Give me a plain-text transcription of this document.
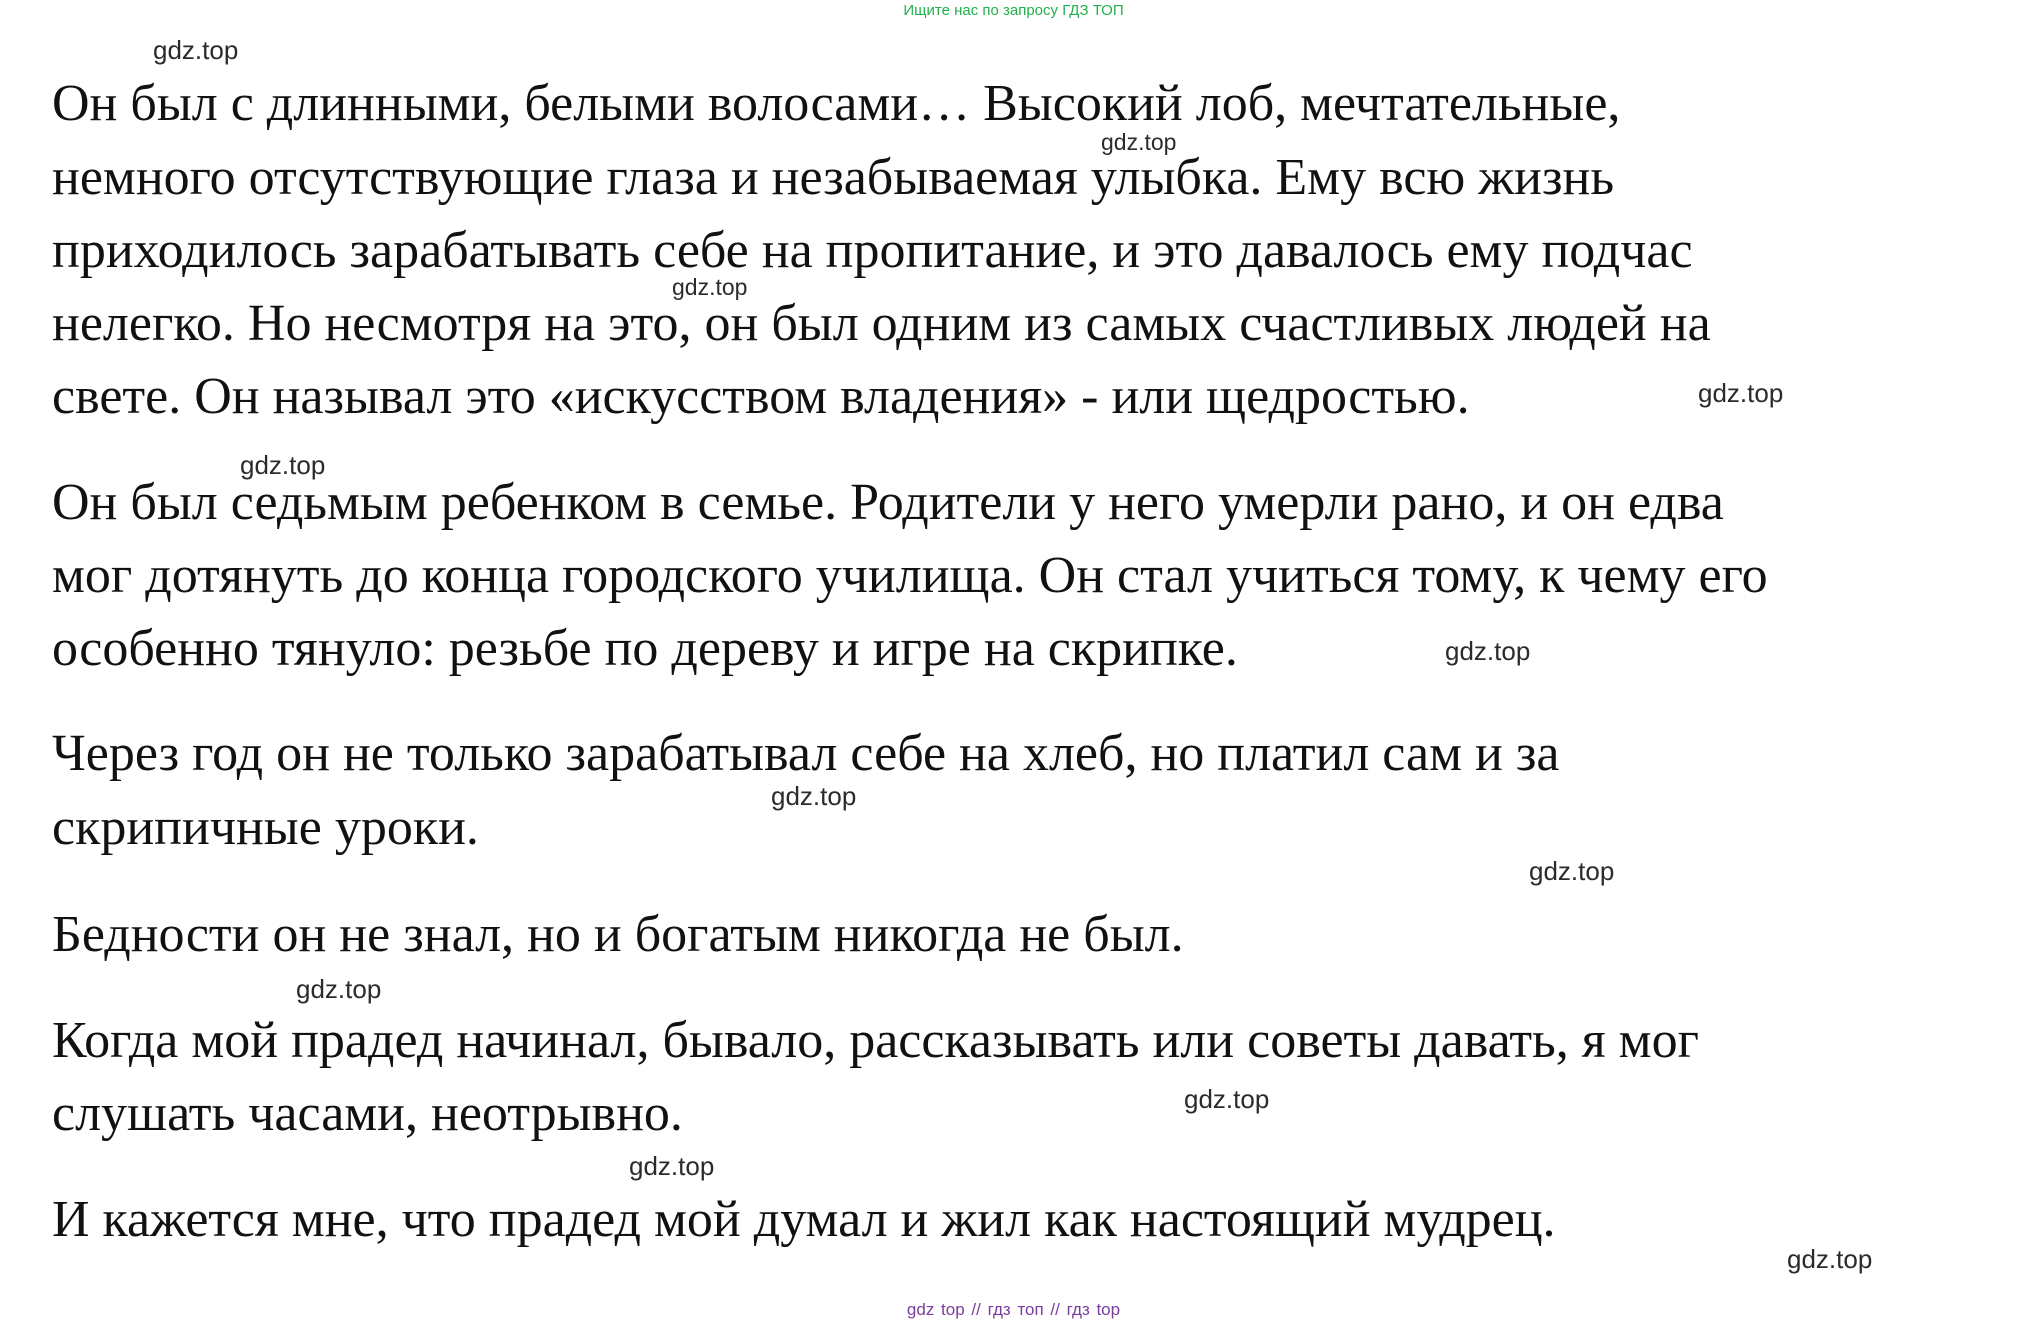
Ищите нас по запросу ГДЗ ТОП
Он был с длинными, белыми волосами… Высокий лоб, мечтательные,
немного отсутствующие глаза и незабываемая улыбка. Ему всю жизнь
приходилось зарабатывать себе на пропитание, и это давалось ему подчас
нелегко. Но несмотря на это, он был одним из самых счастливых людей на
свете. Он называл это «искусством владения» - или щедростью.
Он был седьмым ребенком в семье. Родители у него умерли рано, и он едва
мог дотянуть до конца городского училища. Он стал учиться тому, к чему его
особенно тянуло: резьбе по дереву и игре на скрипке.
Через год он не только зарабатывал себе на хлеб, но платил сам и за
скрипичные уроки.
Бедности он не знал, но и богатым никогда не был.
Когда мой прадед начинал, бывало, рассказывать или советы давать, я мог
слушать часами, неотрывно.
И кажется мне, что прадед мой думал и жил как настоящий мудрец.
gdz.top
gdz.top
gdz.top
gdz.top
gdz.top
gdz.top
gdz.top
gdz.top
gdz.top
gdz.top
gdz.top
gdz.top
gdz top // гдз топ // гдз top
